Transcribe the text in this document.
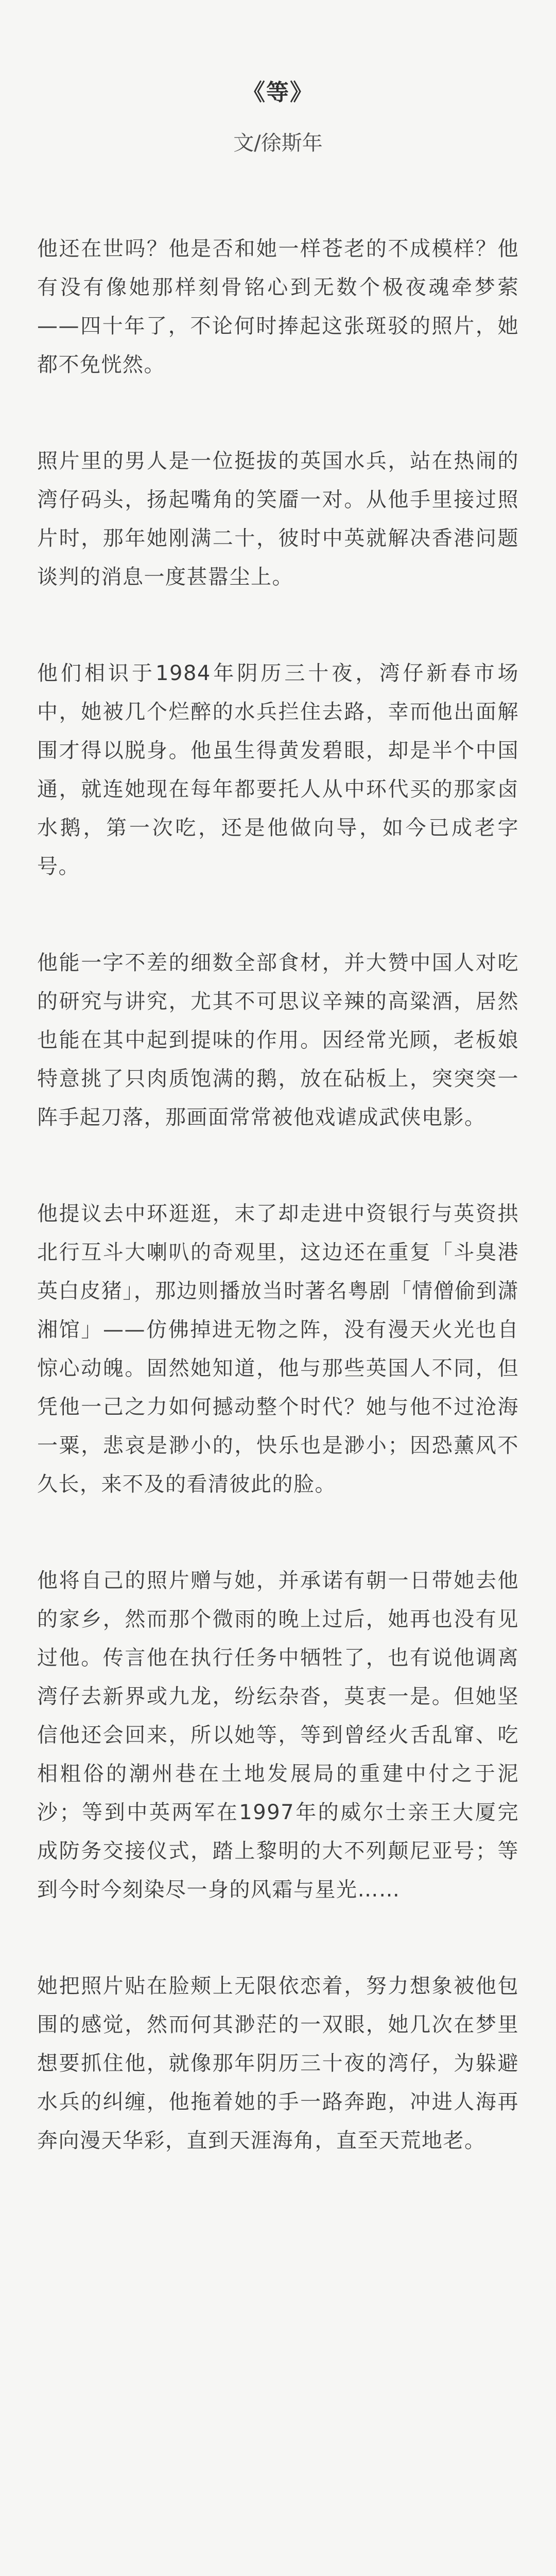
《等》
文/徐斯年

他还在世吗？他是否和她一样苍老的不成模样？他有没有像她那样刻骨铭心到无数个极夜魂牵梦萦——四十年了，不论何时捧起这张斑驳的照片，她都不免恍然。

照片里的男人是一位挺拔的英国水兵，站在热闹的湾仔码头，扬起嘴角的笑靥一对。从他手里接过照片时，那年她刚满二十，彼时中英就解决香港问题谈判的消息一度甚嚣尘上。

他们相识于1984年阴历三十夜，湾仔新春市场中，她被几个烂醉的水兵拦住去路，幸而他出面解围才得以脱身。他虽生得黄发碧眼，却是半个中国通，就连她现在每年都要托人从中环代买的那家卤水鹅，第一次吃，还是他做向导，如今已成老字号。

他能一字不差的细数全部食材，并大赞中国人对吃的研究与讲究，尤其不可思议辛辣的高粱酒，居然也能在其中起到提味的作用。因经常光顾，老板娘特意挑了只肉质饱满的鹅，放在砧板上，突突突一阵手起刀落，那画面常常被他戏谑成武侠电影。

他提议去中环逛逛，末了却走进中资银行与英资拱北行互斗大喇叭的奇观里，这边还在重复「斗臭港英白皮猪」，那边则播放当时著名粤剧「情僧偷到潇湘馆」——仿佛掉进无物之阵，没有漫天火光也自惊心动魄。固然她知道，他与那些英国人不同，但凭他一己之力如何撼动整个时代？她与他不过沧海一粟，悲哀是渺小的，快乐也是渺小；因恐薰风不久长，来不及的看清彼此的脸。

他将自己的照片赠与她，并承诺有朝一日带她去他的家乡，然而那个微雨的晚上过后，她再也没有见过他。传言他在执行任务中牺牲了，也有说他调离湾仔去新界或九龙，纷纭杂沓，莫衷一是。但她坚信他还会回来，所以她等，等到曾经火舌乱窜、吃相粗俗的潮州巷在土地发展局的重建中付之于泥沙；等到中英两军在1997年的威尔士亲王大厦完成防务交接仪式，踏上黎明的大不列颠尼亚号；等到今时今刻染尽一身的风霜与星光……

她把照片贴在脸颊上无限依恋着，努力想象被他包围的感觉，然而何其渺茫的一双眼，她几次在梦里想要抓住他，就像那年阴历三十夜的湾仔，为躲避水兵的纠缠，他拖着她的手一路奔跑，冲进人海再奔向漫天华彩，直到天涯海角，直至天荒地老。
